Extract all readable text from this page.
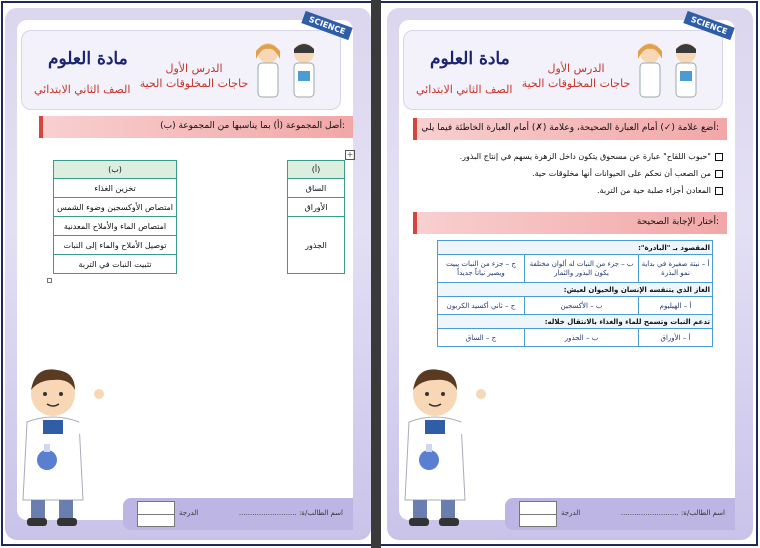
مادة العلوم
الصف الثاني الابتدائي
الدرس الأول
حاجات المخلوقات الحية
SCIENCE
أصل المجموعة (أ) بما يناسبها من المجموعة (ب):
+
(ب)
تخزين الغذاء
امتصاص الأوكسجين وضوء الشمس
امتصاص الماء والأملاح المعدنية
توصيل الأملاح والماء إلى النبات
تثبيت النبات في التربة
(أ)
الساق
الأوراق
الجذور
اسم الطالب/ة: ..........................
الدرجة
مادة العلوم
الصف الثاني الابتدائي
الدرس الأول
حاجات المخلوقات الحية
SCIENCE
أضع علامة (✓) أمام العبارة الصحيحة، وعلامة (✗) أمام العبارة الخاطئة فيما يلي:
"حبوب اللقاح" عبارة عن مسحوق يتكون داخل الزهرة يسهم في إنتاج البذور.
من الصعب أن نحكم على الحيوانات أنها مخلوقات حية.
المعادن أجزاء صلبة حية من التربة.
أختار الإجابة الصحيحة:
المقصود بـ "البادرة":		
أ – نبتة صغيرة في بداية نمو البذرة	ب – جزء من النبات له ألوان مختلفة يكون البذور والثمار	ج – جزء من النبات يبيت ويصير نباتاً جديداً
الغاز الذي يتنفسه الإنسان والحيوان لعيش:		
أ – الهيليوم	ب – الأكسجين	ج – ثاني أكسيد الكربون
تدعم النبات وتسمح للماء والغذاء بالانتقال خلاله:		
أ – الأوراق	ب – الجذور	ج – الساق
اسم الطالب/ة: ..........................
الدرجة
